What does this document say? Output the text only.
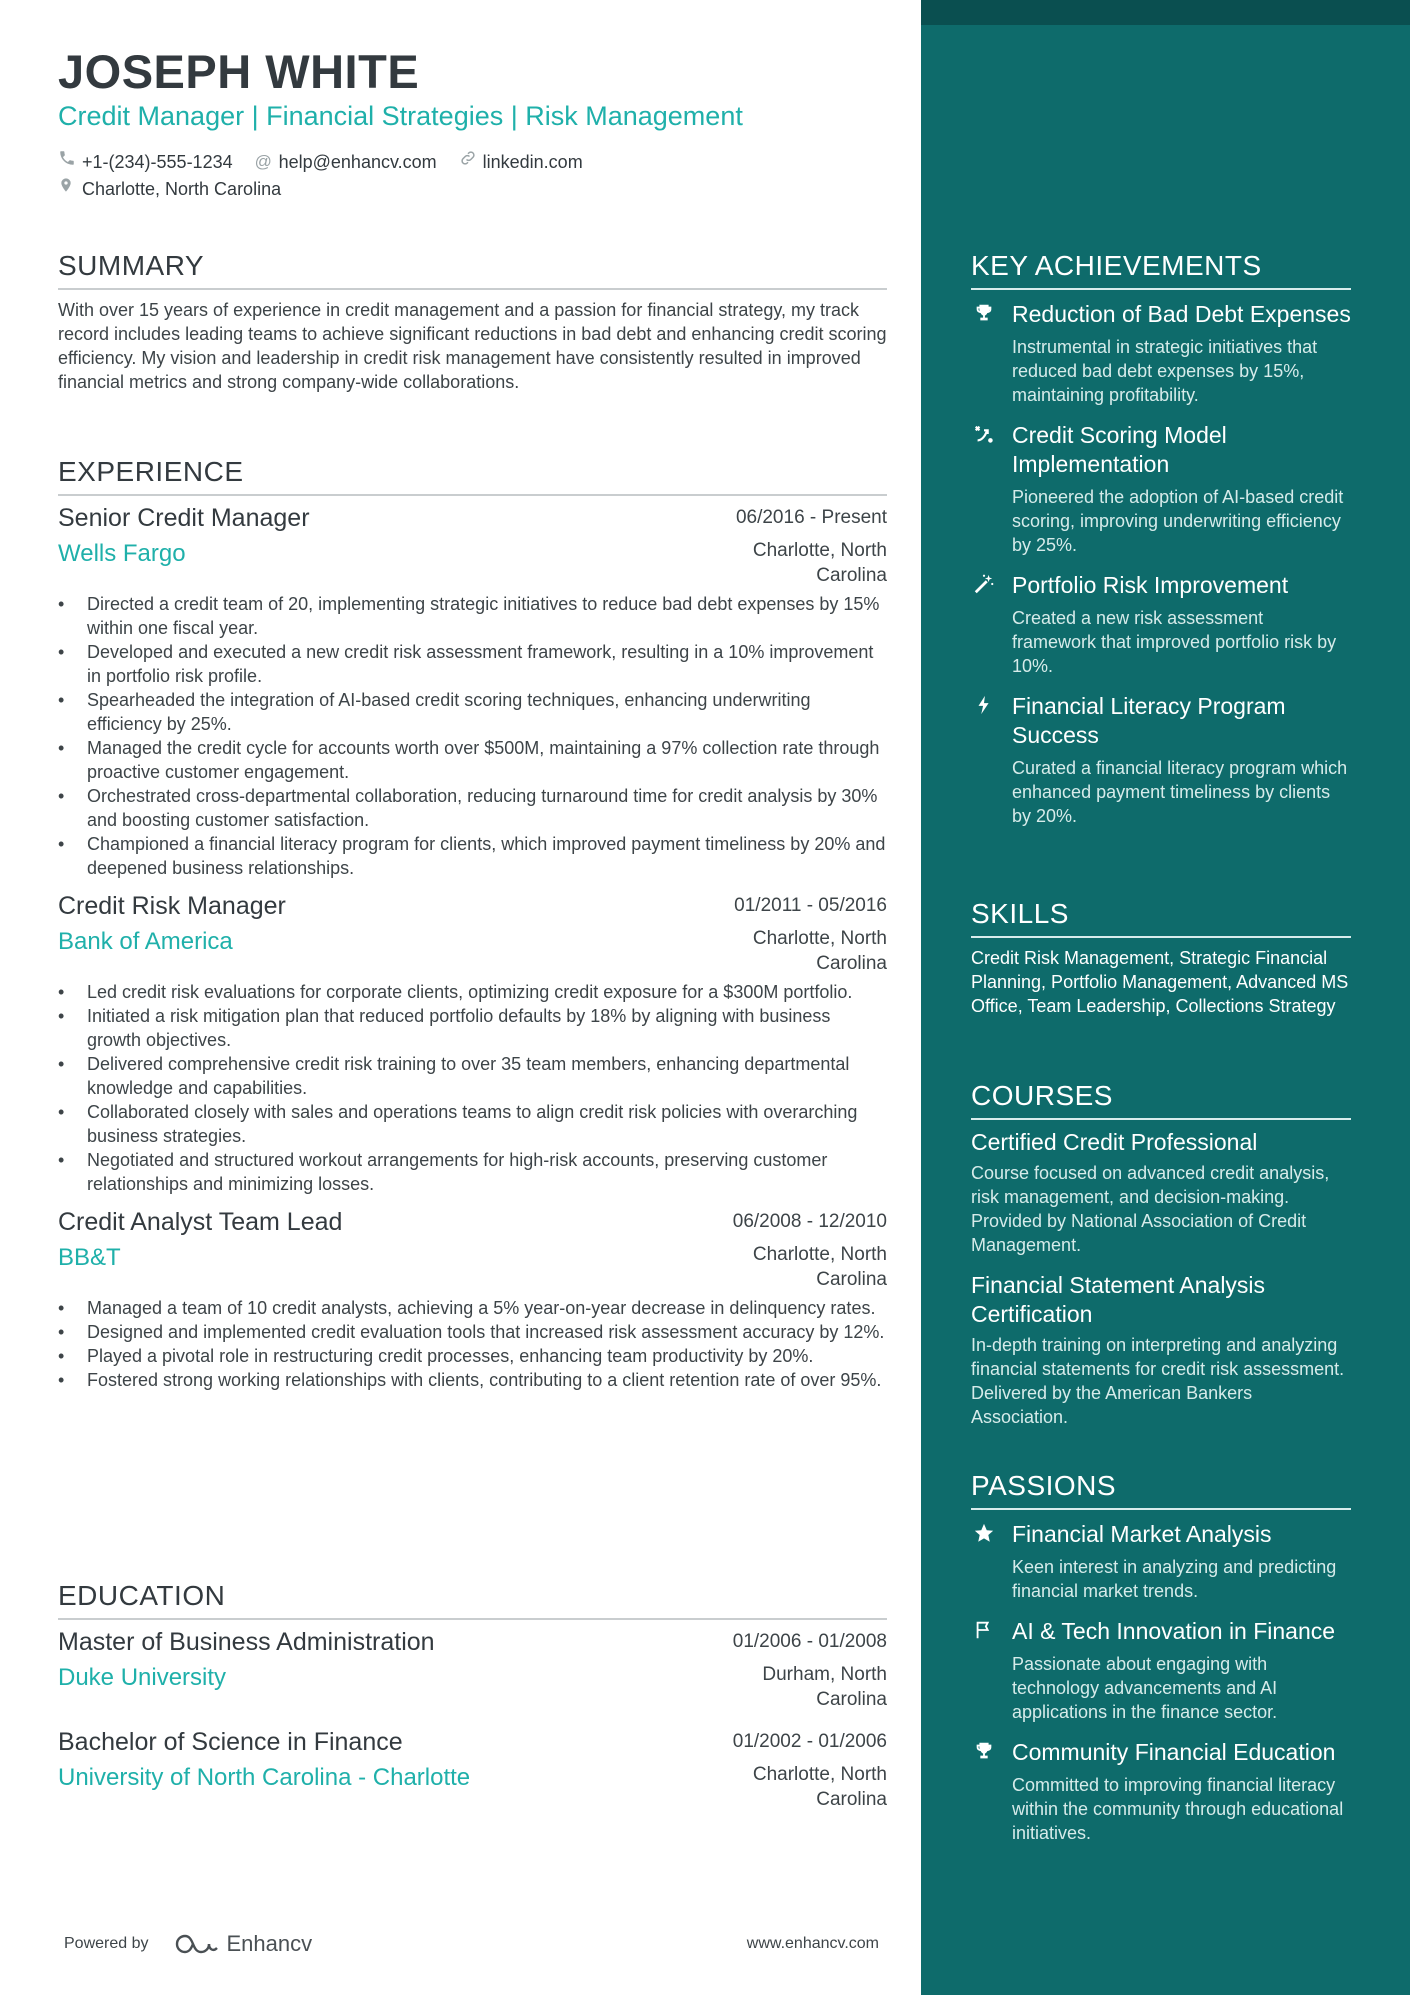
JOSEPH WHITE
Credit Manager | Financial Strategies | Risk Management
+1-(234)-555-1234 @ help@enhancv.com	linkedin.com
Charlotte, North Carolina
SUMMARY
With over 15 years of experience in credit management and a passion for financial strategy, my track record includes leading teams to achieve significant reductions in bad debt and enhancing credit scoring efficiency. My vision and leadership in credit risk management have consistently resulted in improved financial metrics and strong company-wide collaborations.
EXPERIENCE
Senior Credit Manager	06/2016 - Present
Wells Fargo	Charlotte, North Carolina
• Directed a credit team of 20, implementing strategic initiatives to reduce bad debt expenses by 15% within one fiscal year.
• Developed and executed a new credit risk assessment framework, resulting in a 10% improvement in portfolio risk profile.
• Spearheaded the integration of AI-based credit scoring techniques, enhancing underwriting efficiency by 25%.
• Managed the credit cycle for accounts worth over $500M, maintaining a 97% collection rate through proactive customer engagement.
• Orchestrated cross-departmental collaboration, reducing turnaround time for credit analysis by 30% and boosting customer satisfaction.
• Championed a financial literacy program for clients, which improved payment timeliness by 20% and deepened business relationships.
Credit Risk Manager	01/2011 - 05/2016
Bank of America	Charlotte, North Carolina
• Led credit risk evaluations for corporate clients, optimizing credit exposure for a $300M portfolio.
• Initiated a risk mitigation plan that reduced portfolio defaults by 18% by aligning with business growth objectives.
• Delivered comprehensive credit risk training to over 35 team members, enhancing departmental knowledge and capabilities.
• Collaborated closely with sales and operations teams to align credit risk policies with overarching business strategies.
• Negotiated and structured workout arrangements for high-risk accounts, preserving customer relationships and minimizing losses.
Credit Analyst Team Lead	06/2008 - 12/2010
BB&T	Charlotte, North Carolina
• Managed a team of 10 credit analysts, achieving a 5% year-on-year decrease in delinquency rates.
• Designed and implemented credit evaluation tools that increased risk assessment accuracy by 12%.
• Played a pivotal role in restructuring credit processes, enhancing team productivity by 20%.
• Fostered strong working relationships with clients, contributing to a client retention rate of over 95%.
EDUCATION
Master of Business Administration	01/2006 - 01/2008
Duke University	Durham, North Carolina
Bachelor of Science in Finance	01/2002 - 01/2006
University of North Carolina - Charlotte	Charlotte, North Carolina
Powered by	Enhancv	www.enhancv.com
KEY ACHIEVEMENTS
Reduction of Bad Debt Expenses
Instrumental in strategic initiatives that reduced bad debt expenses by 15%, maintaining profitability.
Credit Scoring Model Implementation
Pioneered the adoption of AI-based credit scoring, improving underwriting efficiency by 25%.
Portfolio Risk Improvement
Created a new risk assessment framework that improved portfolio risk by 10%.
Financial Literacy Program Success
Curated a financial literacy program which enhanced payment timeliness by clients by 20%.
SKILLS
Credit Risk Management, Strategic Financial Planning, Portfolio Management, Advanced MS Office, Team Leadership, Collections Strategy
COURSES
Certified Credit Professional
Course focused on advanced credit analysis, risk management, and decision-making. Provided by National Association of Credit Management.
Financial Statement Analysis Certification
In-depth training on interpreting and analyzing financial statements for credit risk assessment. Delivered by the American Bankers Association.
PASSIONS
Financial Market Analysis
Keen interest in analyzing and predicting financial market trends.
AI & Tech Innovation in Finance
Passionate about engaging with technology advancements and AI applications in the finance sector.
Community Financial Education
Committed to improving financial literacy within the community through educational initiatives.
